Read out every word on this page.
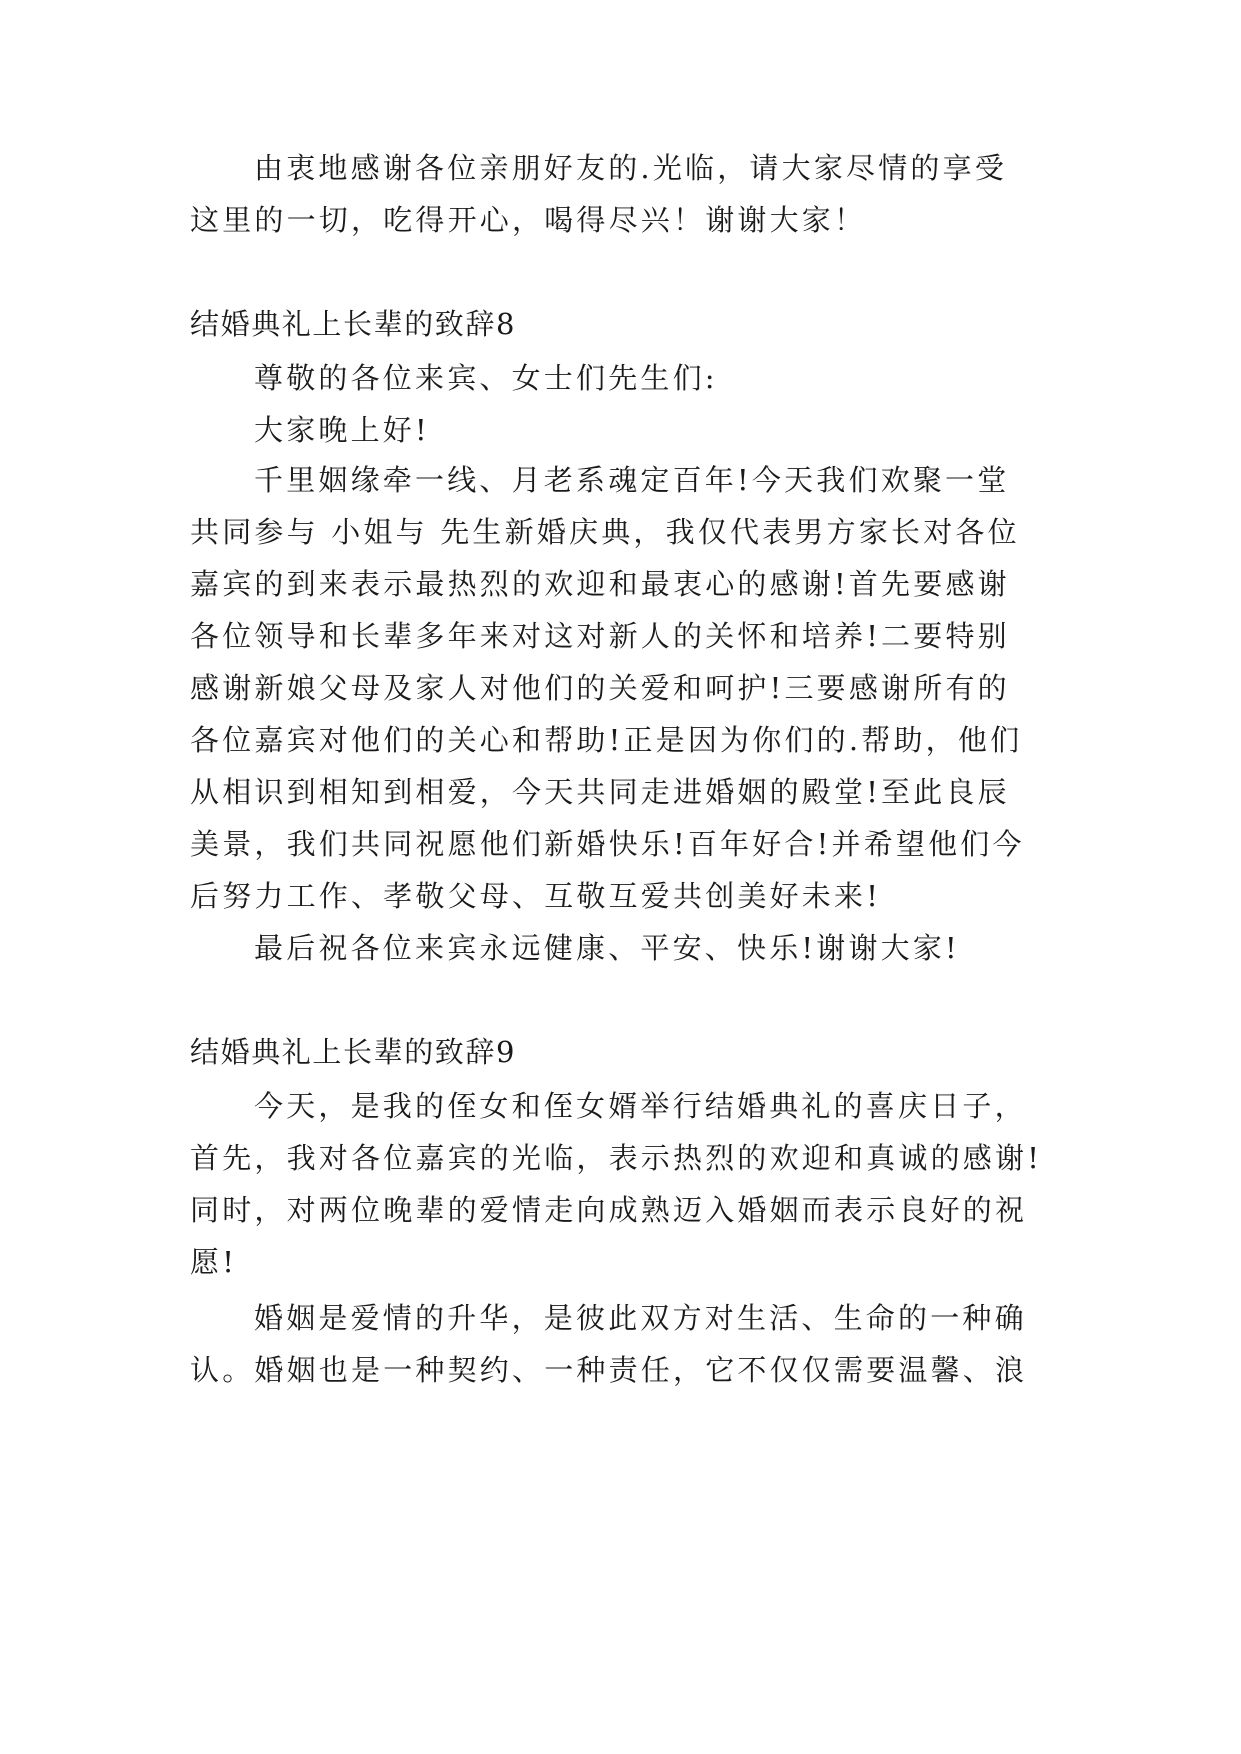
由衷地感谢各位亲朋好友的.光临，请大家尽情的享受
这里的一切，吃得开心，喝得尽兴！谢谢大家！
结婚典礼上长辈的致辞8
尊敬的各位来宾、女士们先生们:
大家晚上好!
千里姻缘牵一线、月老系魂定百年!今天我们欢聚一堂
共同参与 小姐与 先生新婚庆典，我仅代表男方家长对各位
嘉宾的到来表示最热烈的欢迎和最衷心的感谢!首先要感谢
各位领导和长辈多年来对这对新人的关怀和培养!二要特别
感谢新娘父母及家人对他们的关爱和呵护!三要感谢所有的
各位嘉宾对他们的关心和帮助!正是因为你们的.帮助，他们
从相识到相知到相爱，今天共同走进婚姻的殿堂!至此良辰
美景，我们共同祝愿他们新婚快乐!百年好合!并希望他们今
后努力工作、孝敬父母、互敬互爱共创美好未来!
最后祝各位来宾永远健康、平安、快乐!谢谢大家!
结婚典礼上长辈的致辞9
今天，是我的侄女和侄女婿举行结婚典礼的喜庆日子，
首先，我对各位嘉宾的光临，表示热烈的欢迎和真诚的感谢!
同时，对两位晚辈的爱情走向成熟迈入婚姻而表示良好的祝
愿!
婚姻是爱情的升华，是彼此双方对生活、生命的一种确
认。婚姻也是一种契约、一种责任，它不仅仅需要温馨、浪
